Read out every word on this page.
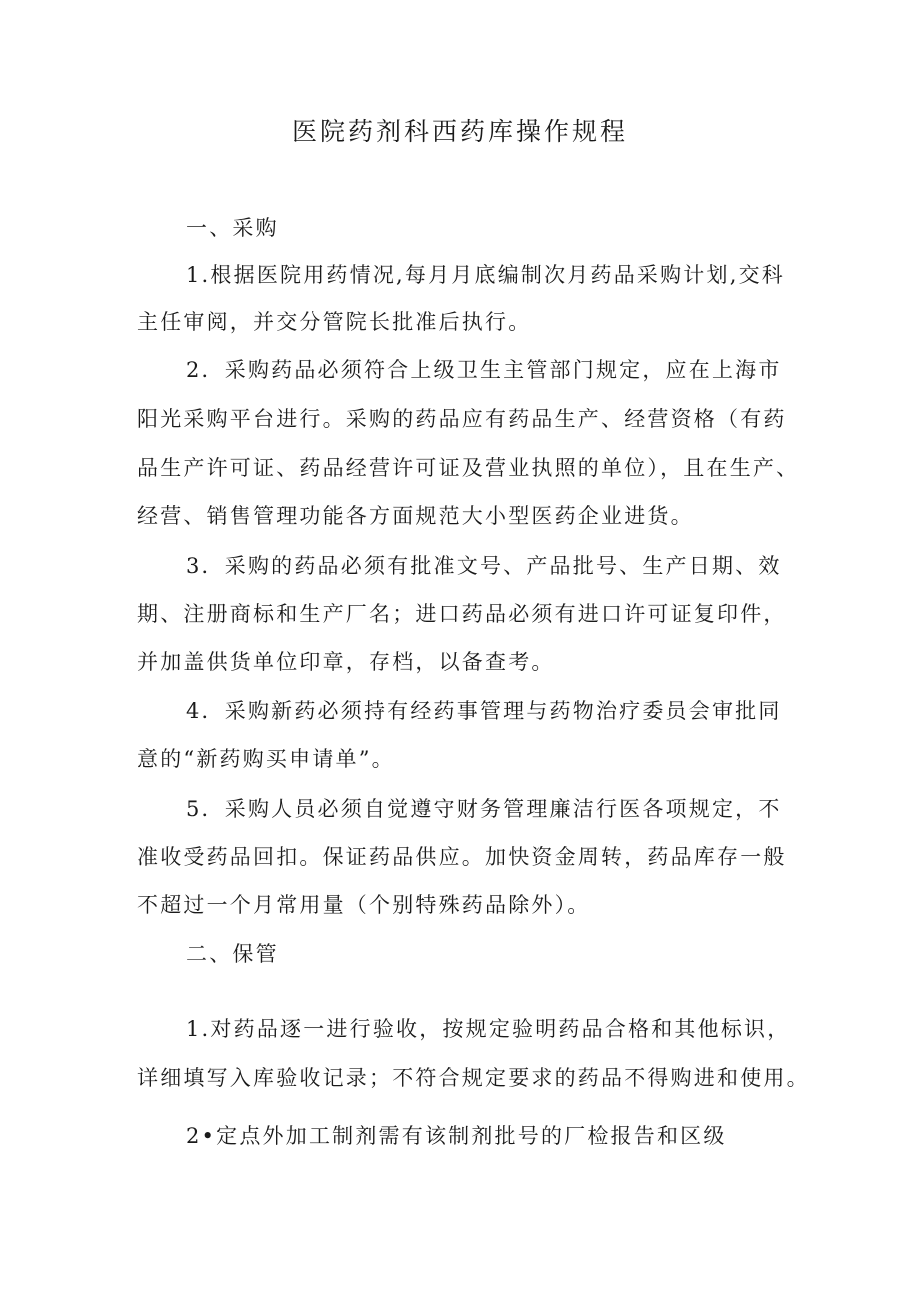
医院药剂科西药库操作规程
一、采购
1.根据医院用药情况,每月月底编制次月药品采购计划,交科
主任审阅，并交分管院长批准后执行。
2．采购药品必须符合上级卫生主管部门规定，应在上海市
阳光采购平台进行。采购的药品应有药品生产、经营资格（有药
品生产许可证、药品经营许可证及营业执照的单位），且在生产、
经营、销售管理功能各方面规范大小型医药企业进货。
3．采购的药品必须有批准文号、产品批号、生产日期、效
期、注册商标和生产厂名；进口药品必须有进口许可证复印件，
并加盖供货单位印章，存档，以备查考。
4．采购新药必须持有经药事管理与药物治疗委员会审批同
意的“新药购买申请单”。
5．采购人员必须自觉遵守财务管理廉洁行医各项规定，不
准收受药品回扣。保证药品供应。加快资金周转，药品库存一般
不超过一个月常用量（个别特殊药品除外）。
二、保管
1.对药品逐一进行验收，按规定验明药品合格和其他标识，
详细填写入库验收记录；不符合规定要求的药品不得购进和使用。
2•定点外加工制剂需有该制剂批号的厂检报告和区级
